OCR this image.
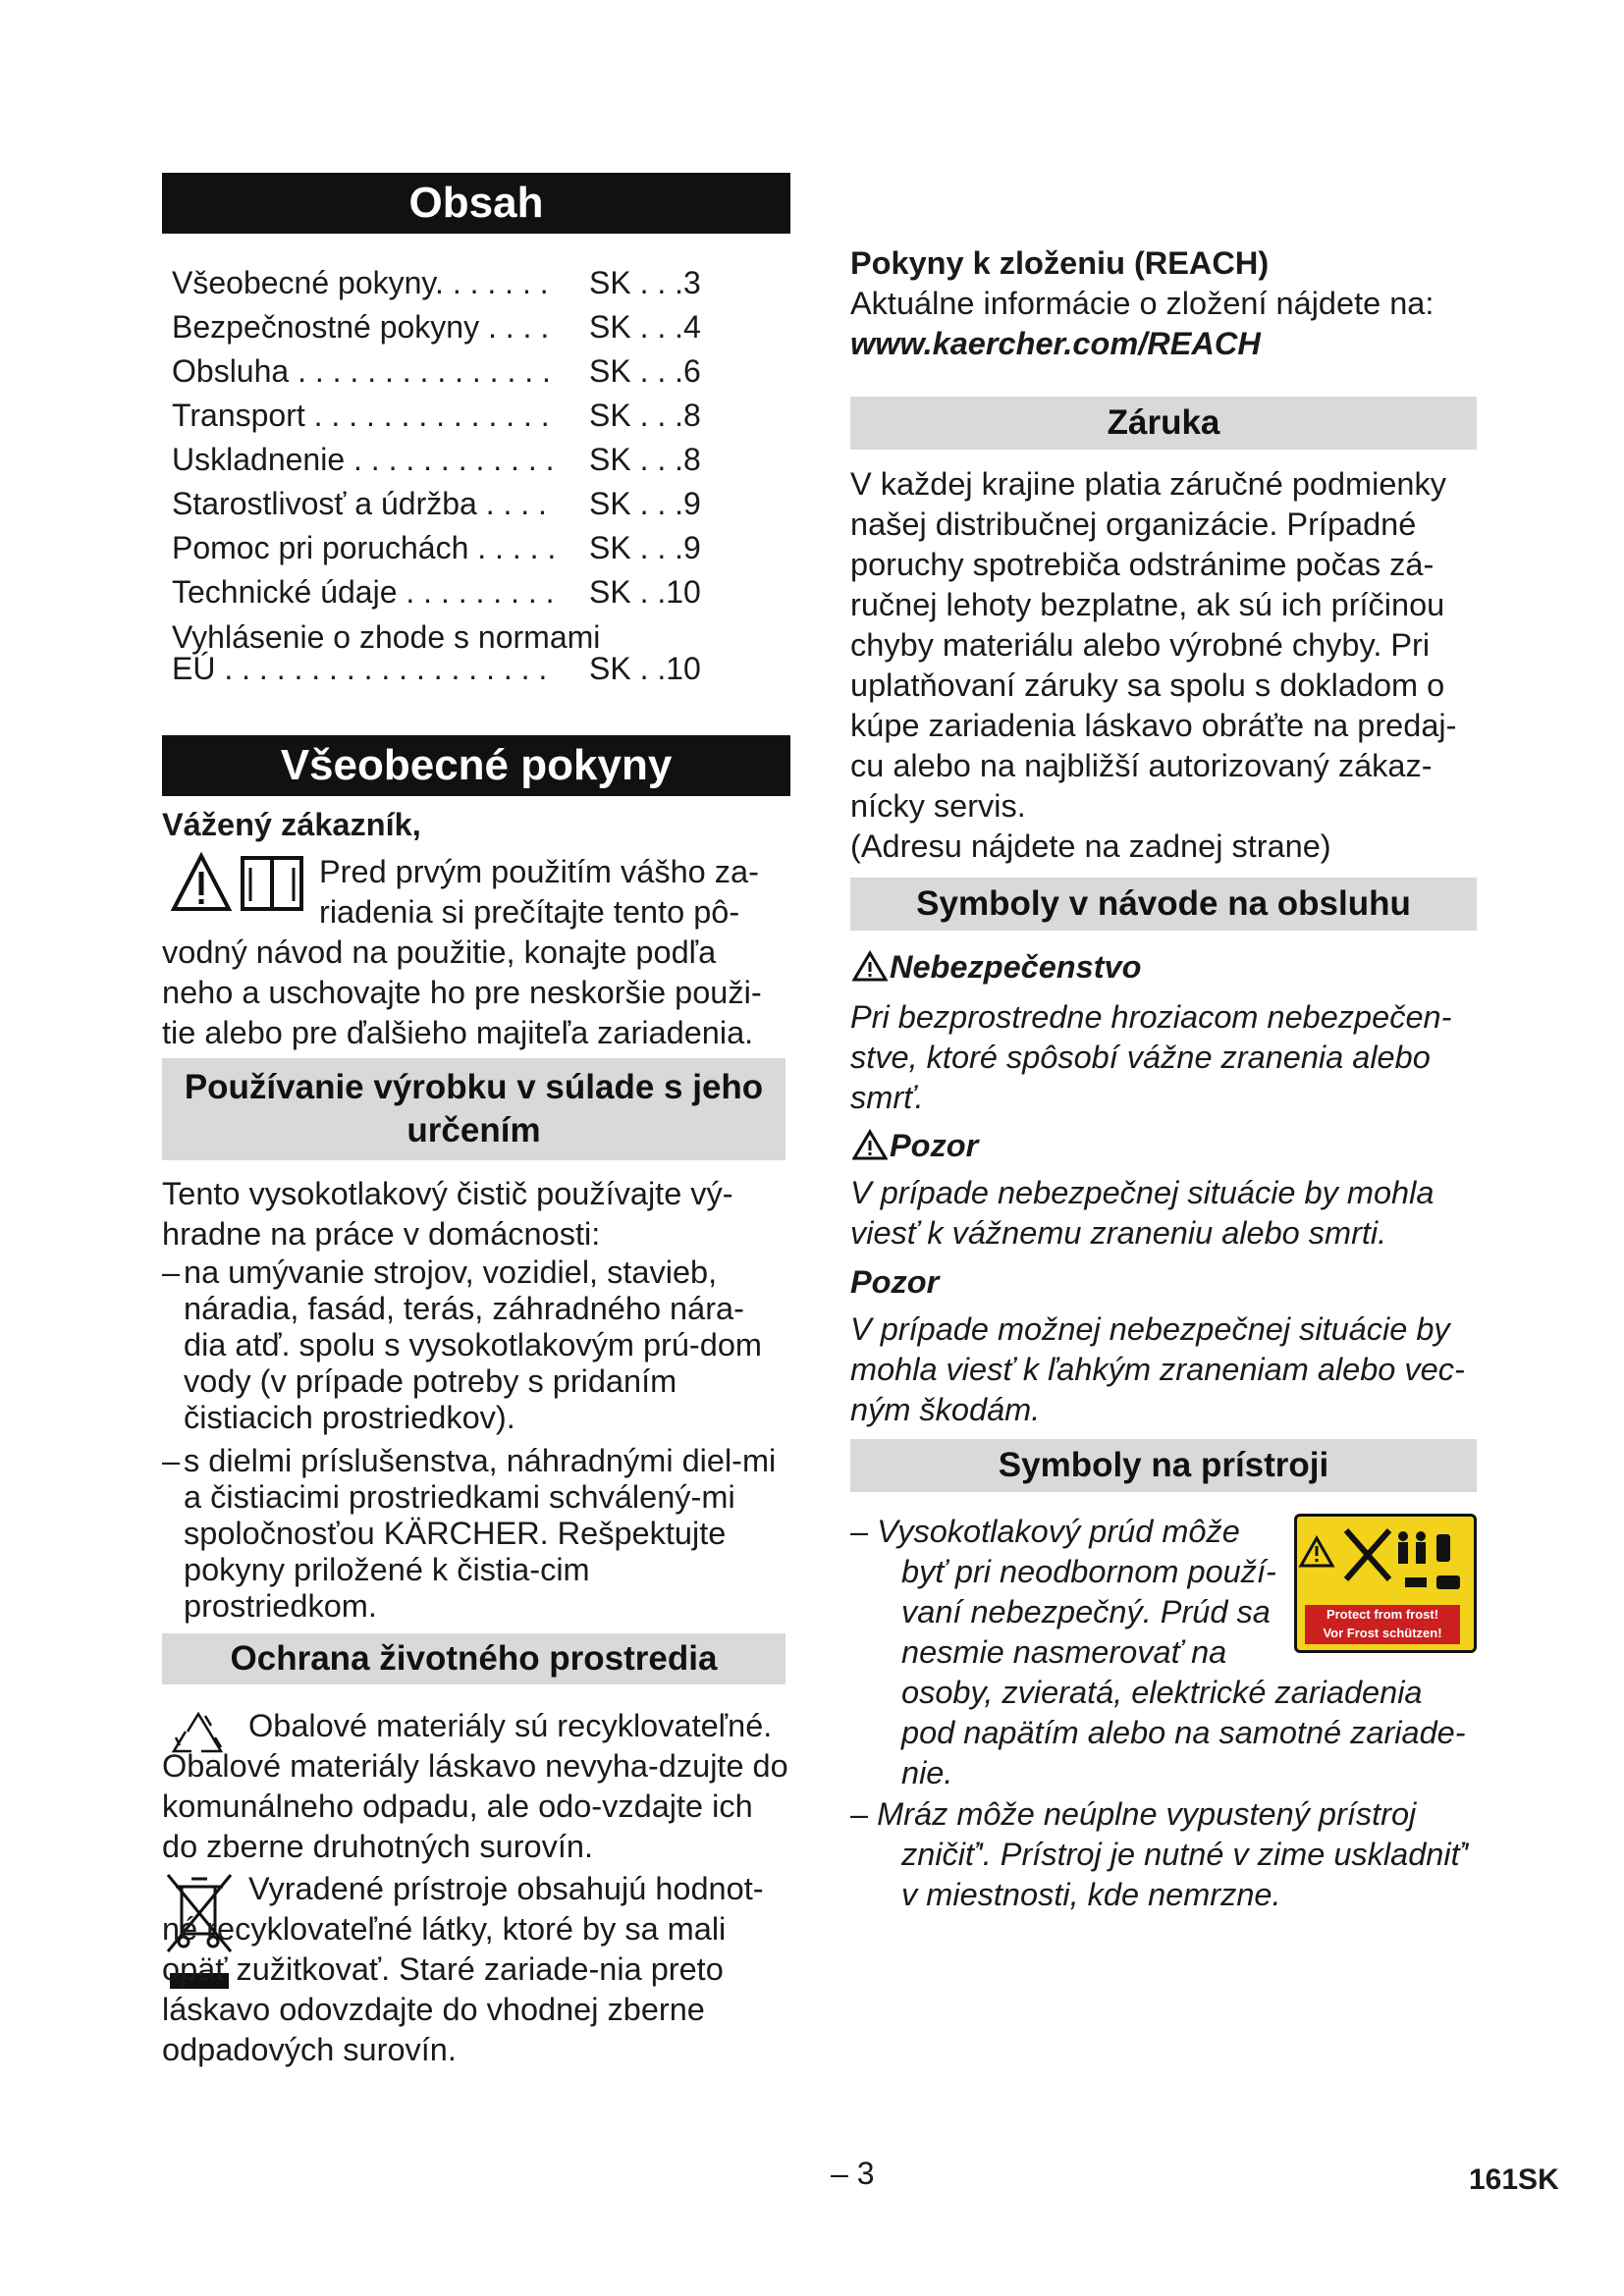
Obsah
Všeobecné pokyny. . . . . . . SK . . .3
Bezpečnostné pokyny . . . . SK . . .4
Obsluha . . . . . . . . . . . . . . . SK . . .6
Transport . . . . . . . . . . . . . . SK . . .8
Uskladnenie . . . . . . . . . . . . SK . . .8
Starostlivosť a údržba . . . . SK . . .9
Pomoc pri poruchách . . . . . SK . . .9
Technické údaje . . . . . . . . . SK . .10
Vyhlásenie o zhode s normami
EÚ . . . . . . . . . . . . . . . . . . . SK . .10
Všeobecné pokyny
Vážený zákazník,
Pred prvým použitím vášho za-riadenia si prečítajte tento pô-
vodný návod na použitie, konajte podľa neho a uschovajte ho pre neskoršie použi-tie alebo pre ďalšieho majiteľa zariadenia.
Používanie výrobku v súlade s jeho určením
Tento vysokotlakový čistič používajte vý-hradne na práce v domácnosti:
– na umývanie strojov, vozidiel, stavieb, náradia, fasád, terás, záhradného nára-dia atď. spolu s vysokotlakovým prú-dom vody (v prípade potreby s pridaním čistiacich prostriedkov).
– s dielmi príslušenstva, náhradnými diel-mi a čistiacimi prostriedkami schválený-mi spoločnosťou KÄRCHER. Rešpektujte pokyny priložené k čistia-cim prostriedkom.
Ochrana životného prostredia
Obalové materiály sú recyklovateľné. Obalové materiály láskavo nevyha-dzujte do komunálneho odpadu, ale odo-vzdajte ich do zberne druhotných surovín.
Vyradené prístroje obsahujú hodnot-né recyklovateľné látky, ktoré by sa mali opäť zužitkovať. Staré zariade-nia preto láskavo odovzdajte do vhodnej zberne odpadových surovín.
Pokyny k zloženiu (REACH)
Aktuálne informácie o zložení nájdete na:
www.kaercher.com/REACH
Záruka
V každej krajine platia záručné podmienky našej distribučnej organizácie. Prípadné poruchy spotrebiča odstránime počas zá-ručnej lehoty bezplatne, ak sú ich príčinou chyby materiálu alebo výrobné chyby. Pri uplatňovaní záruky sa spolu s dokladom o kúpe zariadenia láskavo obráťte na predaj-cu alebo na najbližší autorizovaný zákaz-nícky servis.
(Adresu nájdete na zadnej strane)
Symboly v návode na obsluhu
Nebezpečenstvo
Pri bezprostredne hroziacom nebezpečen-stve, ktoré spôsobí vážne zranenia alebo smrť.
Pozor
V prípade nebezpečnej situácie by mohla viesť k vážnemu zraneniu alebo smrti.
Pozor
V prípade možnej nebezpečnej situácie by mohla viesť k ľahkým zraneniam alebo vec-ným škodám.
Symboly na prístroji
– Vysokotlakový prúd môže
byť pri neodbornom použí-
vaní nebezpečný. Prúd sa
nesmie nasmerovať na
osoby, zvieratá, elektrické zariadenia
pod napätím alebo na samotné zariade-
nie.
– Mráz môže neúplne vypustený prístroj
zničiť'. Prístroj je nutné v zime uskladniť'
v miestnosti, kde nemrzne.
Protect from frost!
Vor Frost schützen!
– 3	161SK
